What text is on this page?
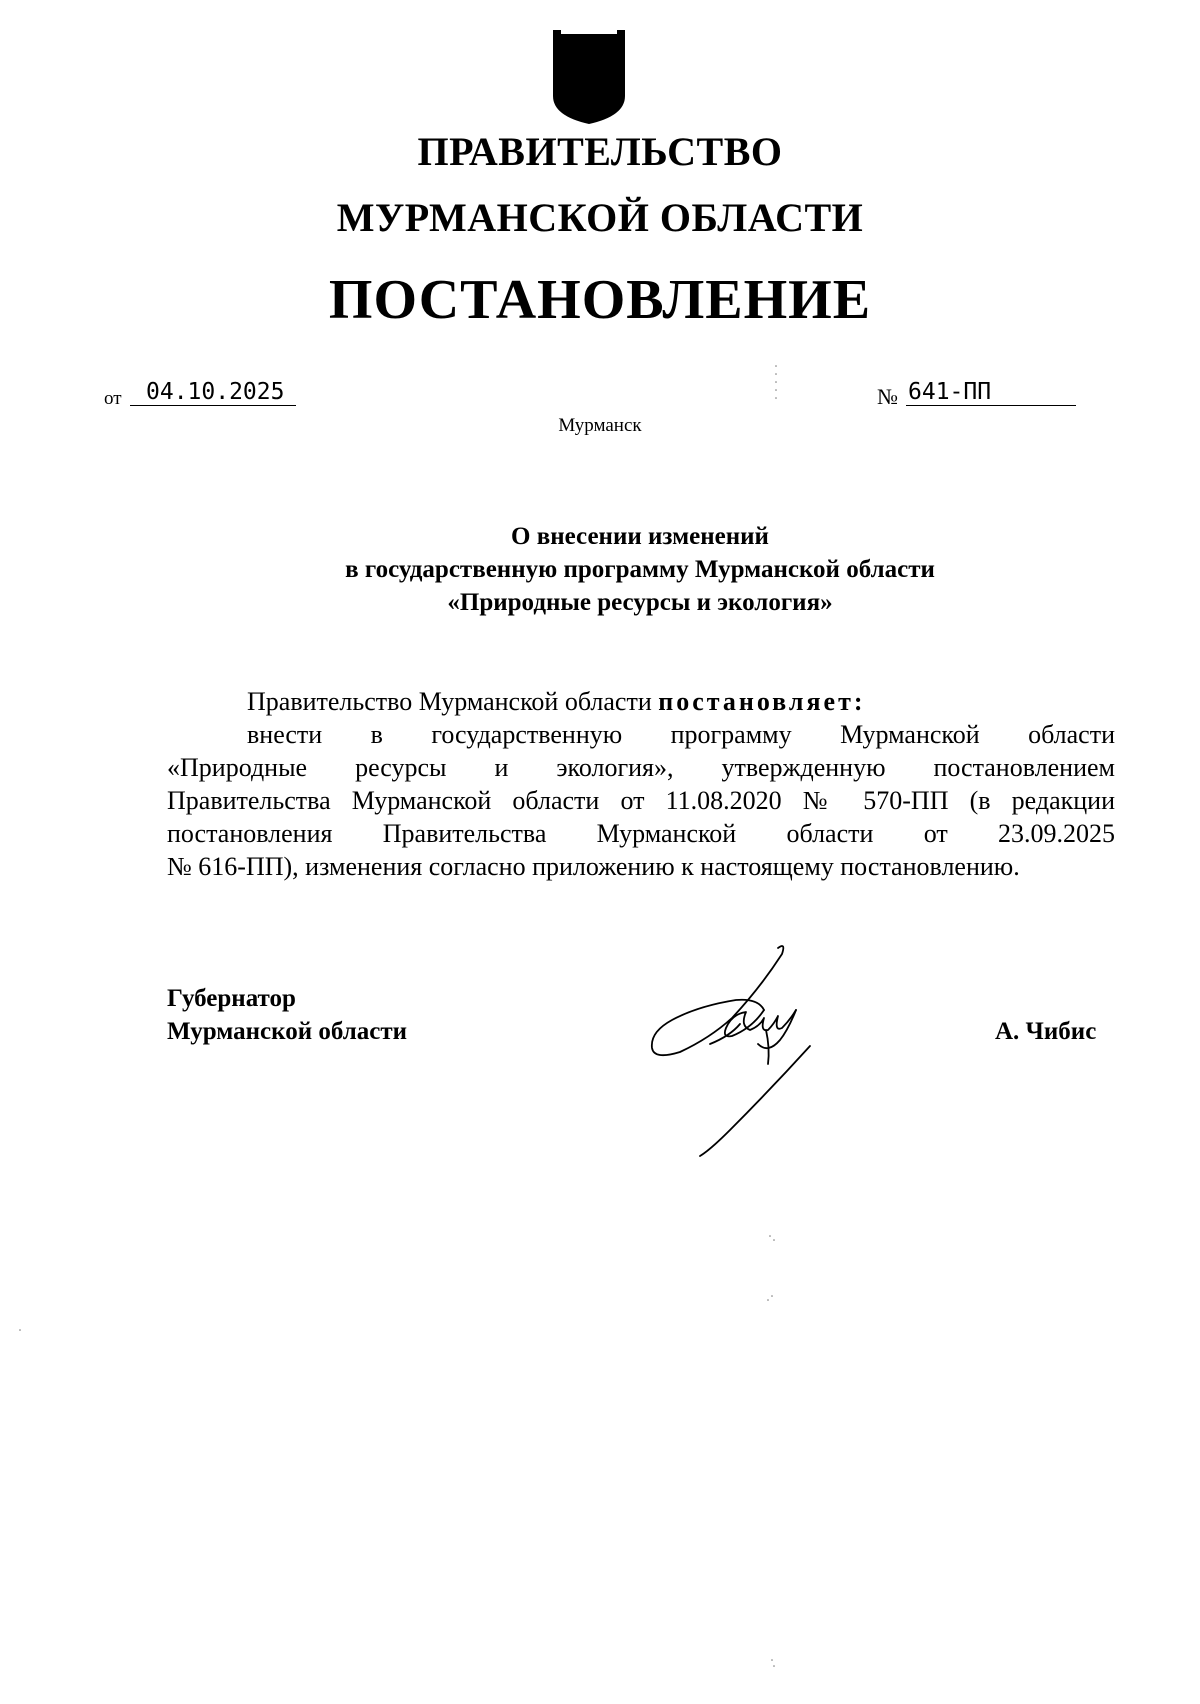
ПРАВИТЕЛЬСТВО
МУРМАНСКОЙ ОБЛАСТИ
ПОСТАНОВЛЕНИЕ
от	04.10.2025	№ 641-ПП
Мурманск
О внесении изменений
в государственную программу Мурманской области
«Природные ресурсы и экология»
Правительство Мурманской области постановляет:
внести в государственную программу Мурманской области
«Природные ресурсы и экология», утвержденную постановлением
Правительства Мурманской области от 11.08.2020 № 570-ПП (в редакции
постановления Правительства Мурманской области от 23.09.2025
№ 616-ПП), изменения согласно приложению к настоящему постановлению.
Губернатор
Мурманской области	А. Чибис
